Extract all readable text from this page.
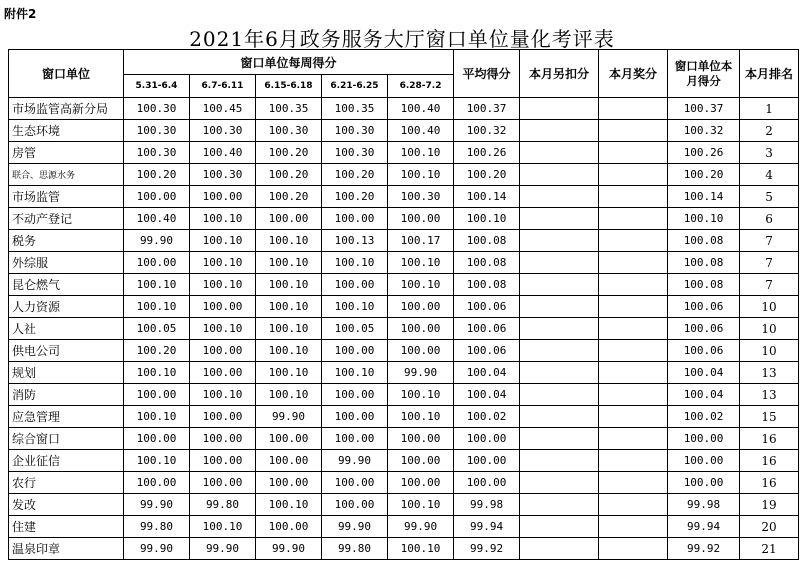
附件2
2021年6月政务服务大厅窗口单位量化考评表
窗口单位	窗口单位每周得分					平均得分	本月另扣分	本月奖分	窗口单位本月得分	本月排名
	5.31-6.4	6.7-6.11	6.15-6.18	6.21-6.25	6.28-7.2					
市场监管高新分局	100.30	100.45	100.35	100.35	100.40	100.37			100.37	1
生态环境	100.30	100.30	100.30	100.30	100.40	100.32			100.32	2
房管	100.30	100.40	100.20	100.30	100.10	100.26			100.26	3
联合、思源水务	100.20	100.30	100.20	100.20	100.10	100.20			100.20	4
市场监管	100.00	100.00	100.20	100.20	100.30	100.14			100.14	5
不动产登记	100.40	100.10	100.00	100.00	100.00	100.10			100.10	6
税务	99.90	100.10	100.10	100.13	100.17	100.08			100.08	7
外综服	100.00	100.10	100.10	100.10	100.10	100.08			100.08	7
昆仑燃气	100.10	100.10	100.10	100.00	100.10	100.08			100.08	7
人力资源	100.10	100.00	100.10	100.10	100.00	100.06			100.06	10
人社	100.05	100.10	100.10	100.05	100.00	100.06			100.06	10
供电公司	100.20	100.00	100.10	100.00	100.00	100.06			100.06	10
规划	100.10	100.00	100.10	100.10	99.90	100.04			100.04	13
消防	100.00	100.10	100.10	100.00	100.10	100.04			100.04	13
应急管理	100.10	100.00	99.90	100.00	100.10	100.02			100.02	15
综合窗口	100.00	100.00	100.00	100.00	100.00	100.00			100.00	16
企业征信	100.10	100.00	100.00	99.90	100.00	100.00			100.00	16
农行	100.00	100.00	100.00	100.00	100.00	100.00			100.00	16
发改	99.90	99.80	100.10	100.00	100.10	99.98			99.98	19
住建	99.80	100.10	100.00	99.90	99.90	99.94			99.94	20
温泉印章	99.90	99.90	99.90	99.80	100.10	99.92			99.92	21
